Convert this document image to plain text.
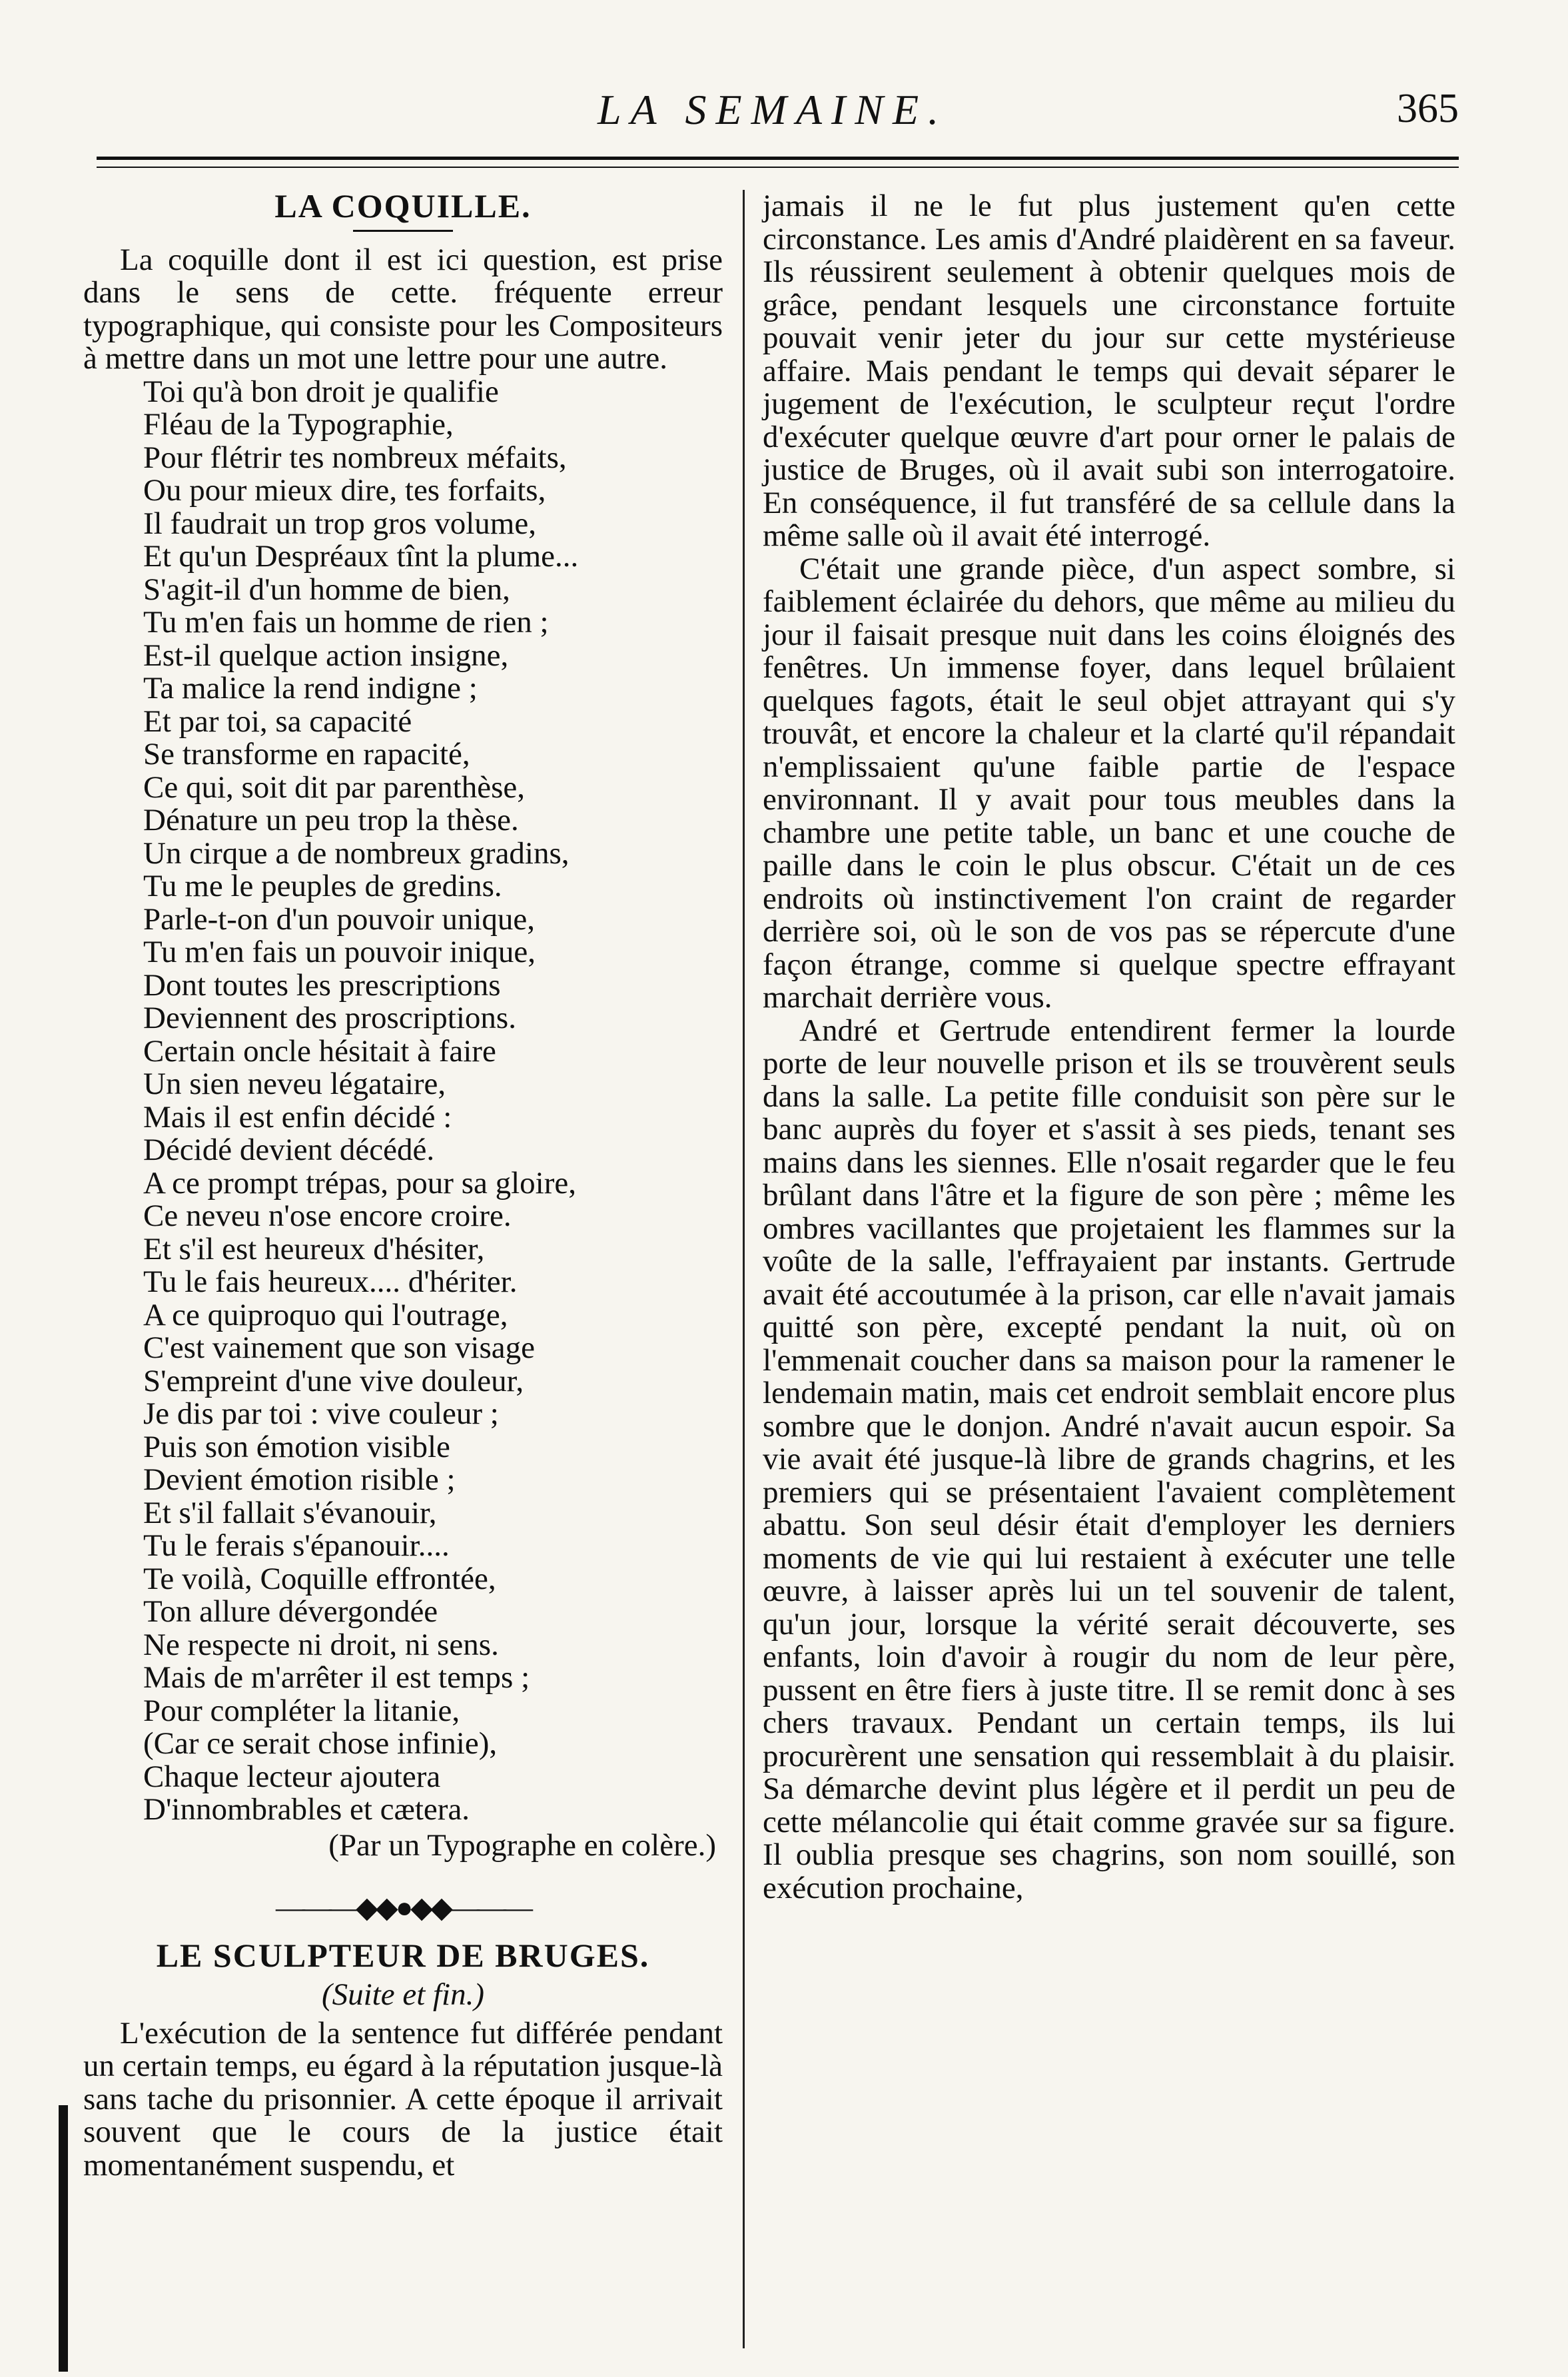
LA SEMAINE.	365
LA COQUILLE.

La coquille dont il est ici question, est prise dans le sens de cette. fréquente erreur typographique, qui consiste pour les Compositeurs à mettre dans un mot une lettre pour une autre.

Toi qu'à bon droit je qualifie
Fléau de la Typographie,
Pour flétrir tes nombreux méfaits,
Ou pour mieux dire, tes forfaits,
Il faudrait un trop gros volume,
Et qu'un Despréaux tînt la plume...
S'agit-il d'un homme de bien,
Tu m'en fais un homme de rien ;
Est-il quelque action insigne,
Ta malice la rend indigne ;
Et par toi, sa capacité
Se transforme en rapacité,
Ce qui, soit dit par parenthèse,
Dénature un peu trop la thèse.
Un cirque a de nombreux gradins,
Tu me le peuples de gredins.
Parle-t-on d'un pouvoir unique,
Tu m'en fais un pouvoir inique,
Dont toutes les prescriptions
Deviennent des proscriptions.
Certain oncle hésitait à faire
Un sien neveu légataire,
Mais il est enfin décidé :
Décidé devient décédé.
A ce prompt trépas, pour sa gloire,
Ce neveu n'ose encore croire.
Et s'il est heureux d'hésiter,
Tu le fais heureux.... d'hériter.
A ce quiproquo qui l'outrage,
C'est vainement que son visage
S'empreint d'une vive douleur,
Je dis par toi : vive couleur ;
Puis son émotion visible
Devient émotion risible ;
Et s'il fallait s'évanouir,
Tu le ferais s'épanouir....
Te voilà, Coquille effrontée,
Ton allure dévergondée
Ne respecte ni droit, ni sens.
Mais de m'arrêter il est temps ;
Pour compléter la litanie,
(Car ce serait chose infinie),
Chaque lecteur ajoutera
D'innombrables et cætera.
(Par un Typographe en colère.)
———◆◆●◆◆———
LE SCULPTEUR DE BRUGES.
(Suite et fin.)

L'exécution de la sentence fut différée pendant un certain temps, eu égard à la réputation jusque-là sans tache du prisonnier. A cette époque il arrivait souvent que le cours de la justice était momentanément suspendu, et

jamais il ne le fut plus justement qu'en cette circonstance. Les amis d'André plaidèrent en sa faveur. Ils réussirent seulement à obtenir quelques mois de grâce, pendant lesquels une circonstance fortuite pouvait venir jeter du jour sur cette mystérieuse affaire. Mais pendant le temps qui devait séparer le jugement de l'exécution, le sculpteur reçut l'ordre d'exécuter quelque œuvre d'art pour orner le palais de justice de Bruges, où il avait subi son interrogatoire. En conséquence, il fut transféré de sa cellule dans la même salle où il avait été interrogé.

C'était une grande pièce, d'un aspect sombre, si faiblement éclairée du dehors, que même au milieu du jour il faisait presque nuit dans les coins éloignés des fenêtres. Un immense foyer, dans lequel brûlaient quelques fagots, était le seul objet attrayant qui s'y trouvât, et encore la chaleur et la clarté qu'il répandait n'emplissaient qu'une faible partie de l'espace environnant. Il y avait pour tous meubles dans la chambre une petite table, un banc et une couche de paille dans le coin le plus obscur. C'était un de ces endroits où instinctivement l'on craint de regarder derrière soi, où le son de vos pas se répercute d'une façon étrange, comme si quelque spectre effrayant marchait derrière vous.

André et Gertrude entendirent fermer la lourde porte de leur nouvelle prison et ils se trouvèrent seuls dans la salle. La petite fille conduisit son père sur le banc auprès du foyer et s'assit à ses pieds, tenant ses mains dans les siennes. Elle n'osait regarder que le feu brûlant dans l'âtre et la figure de son père ; même les ombres vacillantes que projetaient les flammes sur la voûte de la salle, l'effrayaient par instants. Gertrude avait été accoutumée à la prison, car elle n'avait jamais quitté son père, excepté pendant la nuit, où on l'emmenait coucher dans sa maison pour la ramener le lendemain matin, mais cet endroit semblait encore plus sombre que le donjon. André n'avait aucun espoir. Sa vie avait été jusque-là libre de grands chagrins, et les premiers qui se présentaient l'avaient complètement abattu. Son seul désir était d'employer les derniers moments de vie qui lui restaient à exécuter une telle œuvre, à laisser après lui un tel souvenir de talent, qu'un jour, lorsque la vérité serait découverte, ses enfants, loin d'avoir à rougir du nom de leur père, pussent en être fiers à juste titre. Il se remit donc à ses chers travaux. Pendant un certain temps, ils lui procurèrent une sensation qui ressemblait à du plaisir. Sa démarche devint plus légère et il perdit un peu de cette mélancolie qui était comme gravée sur sa figure. Il oublia presque ses chagrins, son nom souillé, son exécution prochaine,
